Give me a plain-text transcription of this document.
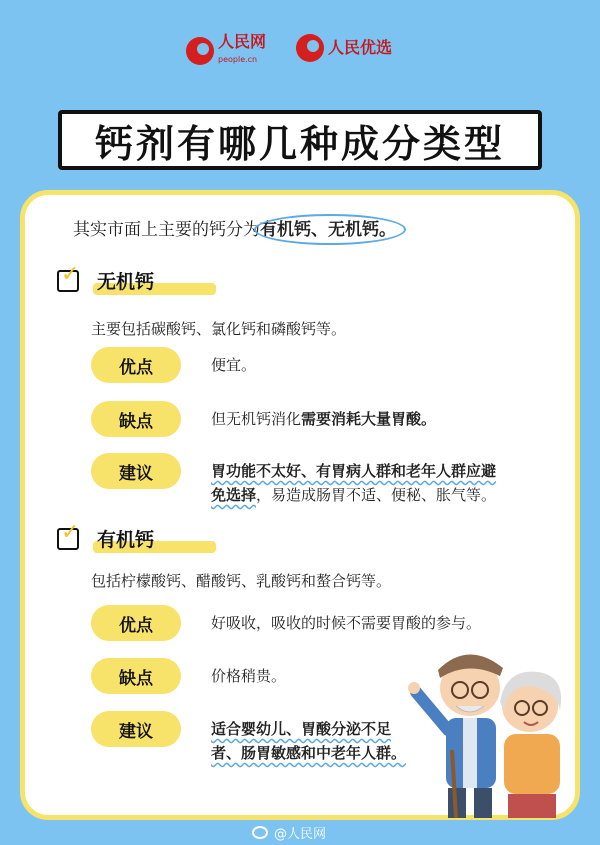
人民网
people.cn
人民优选
钙剂有哪几种成分类型
其实市面上主要的钙分为有机钙、无机钙。
✓ 无机钙
主要包括碳酸钙、氯化钙和磷酸钙等。
优点	便宜。
缺点	但无机钙消化需要消耗大量胃酸。
建议	胃功能不太好、有胃病人群和老年人群应避
免选择，易造成肠胃不适、便秘、胀气等。
✓ 有机钙
包括柠檬酸钙、醋酸钙、乳酸钙和螯合钙等。
优点	好吸收，吸收的时候不需要胃酸的参与。
缺点	价格稍贵。
建议	适合婴幼儿、胃酸分泌不足
者、肠胃敏感和中老年人群。
@人民网
